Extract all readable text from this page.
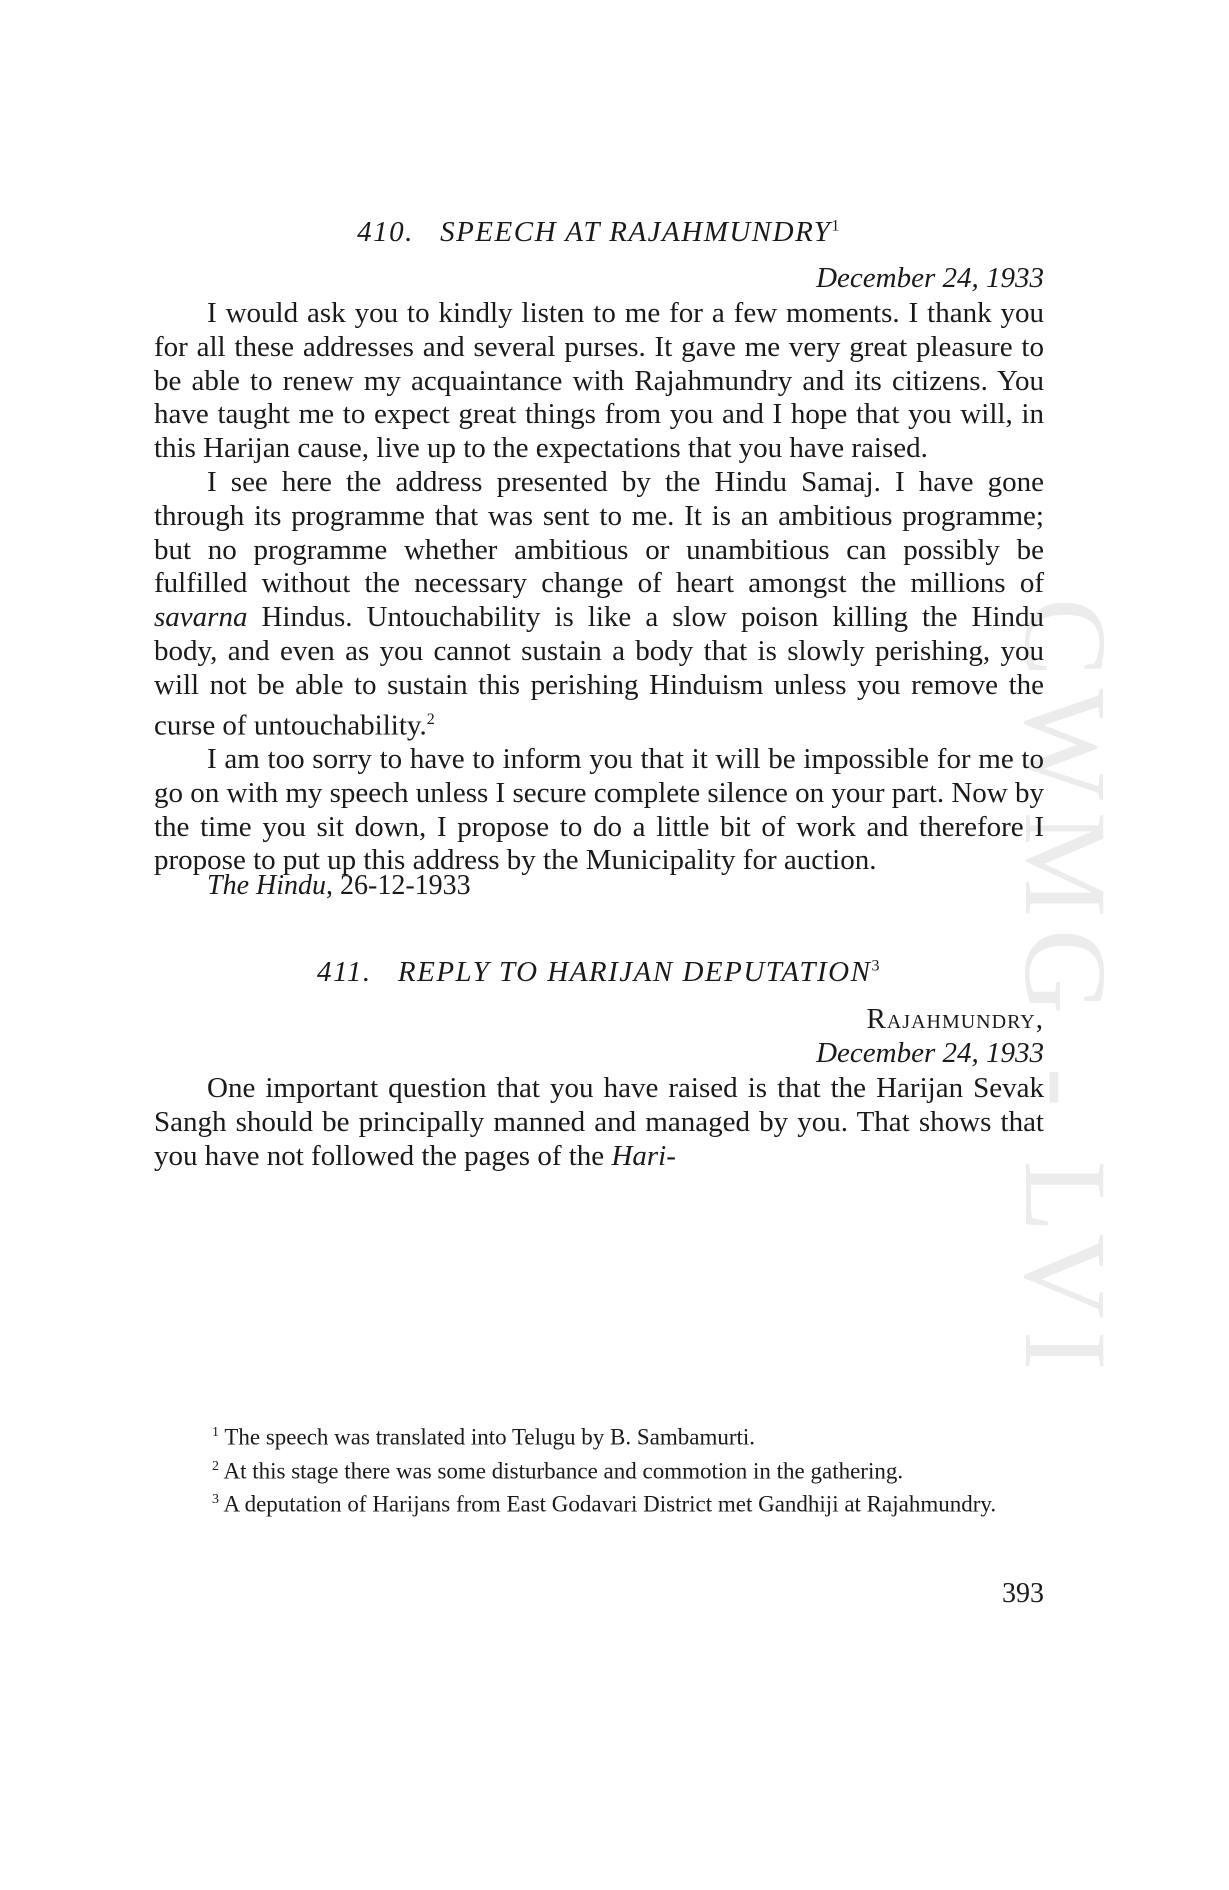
CWMG - LVI
410. SPEECH AT RAJAHMUNDRY$^1$
December 24, 1933

I would ask you to kindly listen to me for a few moments. I thank you for all these addresses and several purses. It gave me very great pleasure to be able to renew my acquaintance with Rajahmundry and its citizens. You have taught me to expect great things from you and I hope that you will, in this Harijan cause, live up to the expectations that you have raised.

I see here the address presented by the Hindu Samaj. I have gone through its programme that was sent to me. It is an ambitious programme; but no programme whether ambitious or unambitious can possibly be fulfilled without the necessary change of heart amongst the millions of savarna Hindus. Untouchability is like a slow poison killing the Hindu body, and even as you cannot sustain a body that is slowly perishing, you will not be able to sustain this perishing Hinduism unless you remove the curse of untouchability.$^2$

I am too sorry to have to inform you that it will be impossible for me to go on with my speech unless I secure complete silence on your part. Now by the time you sit down, I propose to do a little bit of work and therefore I propose to put up this address by the Municipality for auction.

The Hindu, 26-12-1933
411. REPLY TO HARIJAN DEPUTATION$^3$
Rajahmundry,
December 24, 1933

One important question that you have raised is that the Harijan Sevak Sangh should be principally manned and managed by you. That shows that you have not followed the pages of the Hari-

$^1$ The speech was translated into Telugu by B. Sambamurti.

$^2$ At this stage there was some disturbance and commotion in the gathering.

$^3$ A deputation of Harijans from East Godavari District met Gandhiji at Rajahmundry.

393
